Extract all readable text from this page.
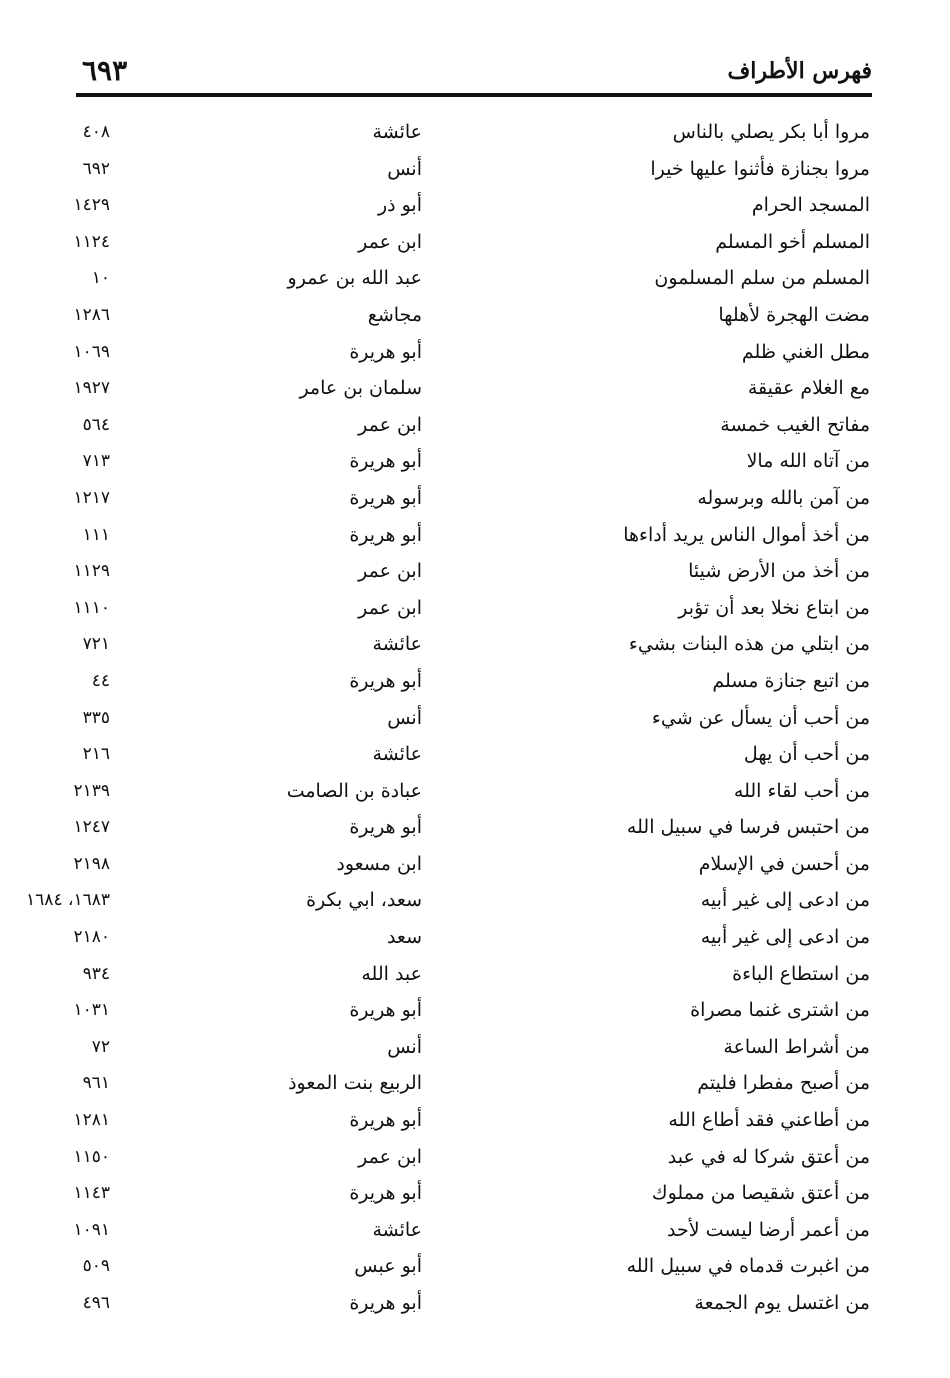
فهرس الأطراف
٦٩٣
مروا أبا بكر يصلي بالناس
عائشة
٤٠٨
مروا بجنازة فأثنوا عليها خيرا
أنس
٦٩٢
المسجد الحرام
أبو ذر
١٤٢٩
المسلم أخو المسلم
ابن عمر
١١٢٤
المسلم من سلم المسلمون
عبد الله بن عمرو
١٠
مضت الهجرة لأهلها
مجاشع
١٢٨٦
مطل الغني ظلم
أبو هريرة
١٠٦٩
مع الغلام عقيقة
سلمان بن عامر
١٩٢٧
مفاتح الغيب خمسة
ابن عمر
٥٦٤
من آتاه الله مالا
أبو هريرة
٧١٣
من آمن بالله وبرسوله
أبو هريرة
١٢١٧
من أخذ أموال الناس يريد أداءها
أبو هريرة
١١١
من أخذ من الأرض شيئا
ابن عمر
١١٢٩
من ابتاع نخلا بعد أن تؤبر
ابن عمر
١١١٠
من ابتلي من هذه البنات بشيء
عائشة
٧٢١
من اتبع جنازة مسلم
أبو هريرة
٤٤
من أحب أن يسأل عن شيء
أنس
٣٣٥
من أحب أن يهل
عائشة
٢١٦
من أحب لقاء الله
عبادة بن الصامت
٢١٣٩
من احتبس فرسا في سبيل الله
أبو هريرة
١٢٤٧
من أحسن في الإسلام
ابن مسعود
٢١٩٨
من ادعى إلى غير أبيه
سعد، ابي بكرة
١٦٨٣، ١٦٨٤
من ادعى إلى غير أبيه
سعد
٢١٨٠
من استطاع الباءة
عبد الله
٩٣٤
من اشترى غنما مصراة
أبو هريرة
١٠٣١
من أشراط الساعة
أنس
٧٢
من أصبح مفطرا فليتم
الربيع بنت المعوذ
٩٦١
من أطاعني فقد أطاع الله
أبو هريرة
١٢٨١
من أعتق شركا له في عبد
ابن عمر
١١٥٠
من أعتق شقيصا من مملوك
أبو هريرة
١١٤٣
من أعمر أرضا ليست لأحد
عائشة
١٠٩١
من اغبرت قدماه في سبيل الله
أبو عبس
٥٠٩
من اغتسل يوم الجمعة
أبو هريرة
٤٩٦
